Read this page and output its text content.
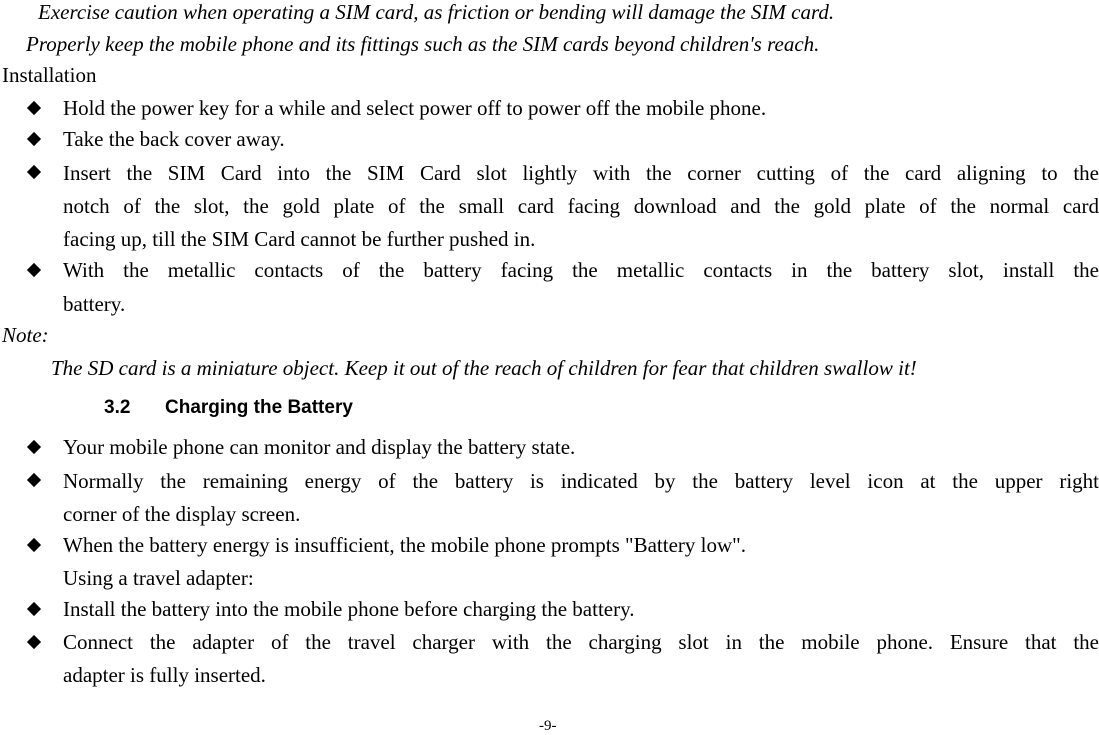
Exercise caution when operating a SIM card, as friction or bending will damage the SIM card.
Properly keep the mobile phone and its fittings such as the SIM cards beyond children's reach.
Installation
Hold the power key for a while and select power off to power off the mobile phone.
Take the back cover away.
Insert the SIM Card into the SIM Card slot lightly with the corner cutting of the card aligning to the
notch of the slot, the gold plate of the small card facing download and the gold plate of the normal card
facing up, till the SIM Card cannot be further pushed in.
With the metallic contacts of the battery facing the metallic contacts in the battery slot, install the
battery.
Note:
The SD card is a miniature object. Keep it out of the reach of children for fear that children swallow it!
3.2 Charging the Battery
Your mobile phone can monitor and display the battery state.
Normally the remaining energy of the battery is indicated by the battery level icon at the upper right
corner of the display screen.
When the battery energy is insufficient, the mobile phone prompts "Battery low".
Using a travel adapter:
Install the battery into the mobile phone before charging the battery.
Connect the adapter of the travel charger with the charging slot in the mobile phone. Ensure that the
adapter is fully inserted.
-9-
